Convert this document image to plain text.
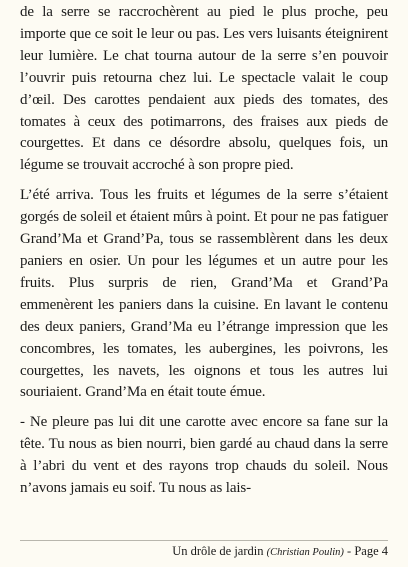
de la serre se raccrochèrent au pied le plus proche, peu importe que ce soit le leur ou pas. Les vers luisants éteignirent leur lumière. Le chat tourna autour de la serre s’en pouvoir l’ouvrir puis retourna chez lui. Le spectacle valait le coup d’œil. Des carottes pendaient aux pieds des tomates, des tomates à ceux des potimarrons, des fraises aux pieds de courgettes. Et dans ce désordre absolu, quelques fois, un légume se trouvait accroché à son propre pied.

L’été arriva. Tous les fruits et légumes de la serre s’étaient gorgés de soleil et étaient mûrs à point. Et pour ne pas fatiguer Grand’Ma et Grand’Pa, tous se rassemblèrent dans les deux paniers en osier. Un pour les légumes et un autre pour les fruits. Plus surpris de rien, Grand’Ma et Grand’Pa emmenèrent les paniers dans la cuisine. En lavant le contenu des deux paniers, Grand’Ma eu l’étrange impression que les concombres, les tomates, les aubergines, les poivrons, les courgettes, les navets, les oignons et tous les autres lui souriaient. Grand’Ma en était toute émue.

- Ne pleure pas lui dit une carotte avec encore sa fane sur la tête. Tu nous as bien nourri, bien gardé au chaud dans la serre à l’abri du vent et des rayons trop chauds du soleil. Nous n’avons jamais eu soif. Tu nous as lais-

Un drôle de jardin (Christian Poulin) - Page 4
